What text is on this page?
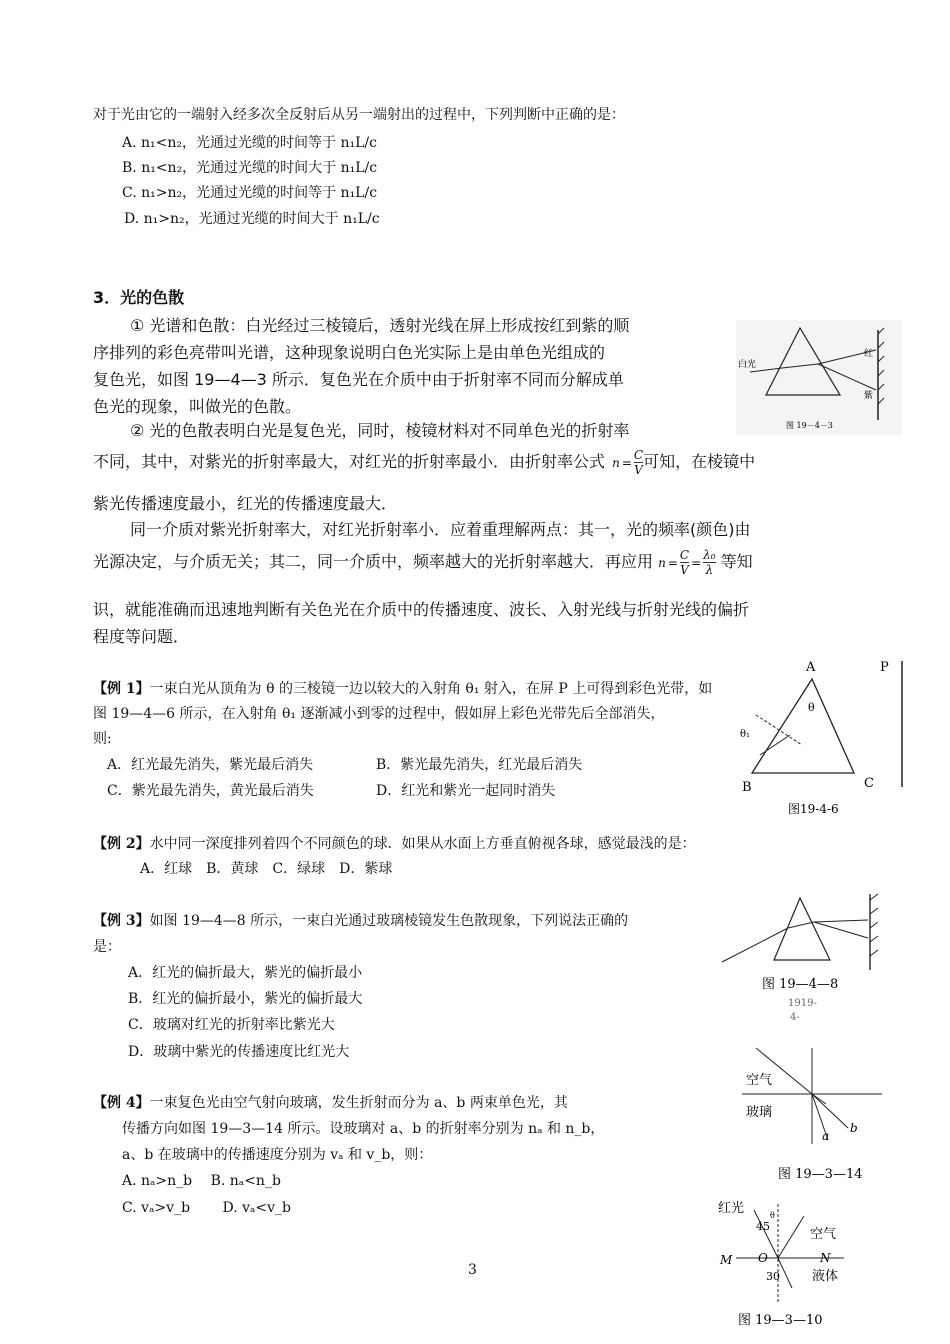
对于光由它的一端射入经多次全反射后从另一端射出的过程中，下列判断中正确的是：
A. n₁<n₂，光通过光缆的时间等于 n₁L/c
B. n₁<n₂，光通过光缆的时间大于 n₁L/c
C. n₁>n₂，光通过光缆的时间等于 n₁L/c
D. n₁>n₂，光通过光缆的时间大于 n₁L/c
3．光的色散
① 光谱和色散：白光经过三棱镜后，透射光线在屏上形成按红到紫的顺
序排列的彩色亮带叫光谱，这种现象说明白色光实际上是由单色光组成的
复色光，如图 19—4—3 所示．复色光在介质中由于折射率不同而分解成单
色光的现象，叫做光的色散。
② 光的色散表明白光是复色光，同时，棱镜材料对不同单色光的折射率
不同，其中，对紫光的折射率最大，对红光的折射率最小．由折射率公式 $n = \frac{C}{V}$ 可知，在棱镜中
紫光传播速度最小，红光的传播速度最大．
同一介质对紫光折射率大，对红光折射率小．应着重理解两点：其一，光的频率(颜色)由
光源决定，与介质无关；其二，同一介质中，频率越大的光折射率越大．再应用 $n = \frac{C}{V} = \frac{\text{λ₀}}{\lambda}$ 等知
识，就能准确而迅速地判断有关色光在介质中的传播速度、波长、入射光线与折射光线的偏折
程度等问题．
【例 1】一束白光从顶角为 θ 的三棱镜一边以较大的入射角 θ₁ 射入，在屏 P 上可得到彩色光带，如
图 19—4—6 所示，在入射角 θ₁ 逐渐减小到零的过程中，假如屏上彩色光带先后全部消失，
则:
A．红光最先消失，紫光最后消失	B．紫光最先消失，红光最后消失
C．紫光最先消失，黄光最后消失	D．红光和紫光一起同时消失
【例 2】水中同一深度排列着四个不同颜色的球．如果从水面上方垂直俯视各球，感觉最浅的是：
A．红球　B．黄球　C．绿球　D．紫球
【例 3】如图 19—4—8 所示，一束白光通过玻璃棱镜发生色散现象，下列说法正确的
是：
A．红光的偏折最大，紫光的偏折最小
B．红光的偏折最小，紫光的偏折最大
C．玻璃对红光的折射率比紫光大
D．玻璃中紫光的传播速度比红光大
【例 4】一束复色光由空气射向玻璃，发生折射而分为 a、b 两束单色光，其
传播方向如图 19—3—14 所示。设玻璃对 a、b 的折射率分别为 nₐ 和 n_b，
a、b 在玻璃中的传播速度分别为 vₐ 和 v_b，则：
A. nₐ>n_b　 B. nₐ<n_b
C. vₐ>v_b　　 D. vₐ<v_b
3
白光
红
紫
图 19－4－3
A
B	C
P
θ
θ₁
图19-4-6
图 19—4—8
1919-
4-
空气
玻璃
a
b
图 19—3—14
红光
45
θ
空气
M O	N
30 液体
图 19—3—10
